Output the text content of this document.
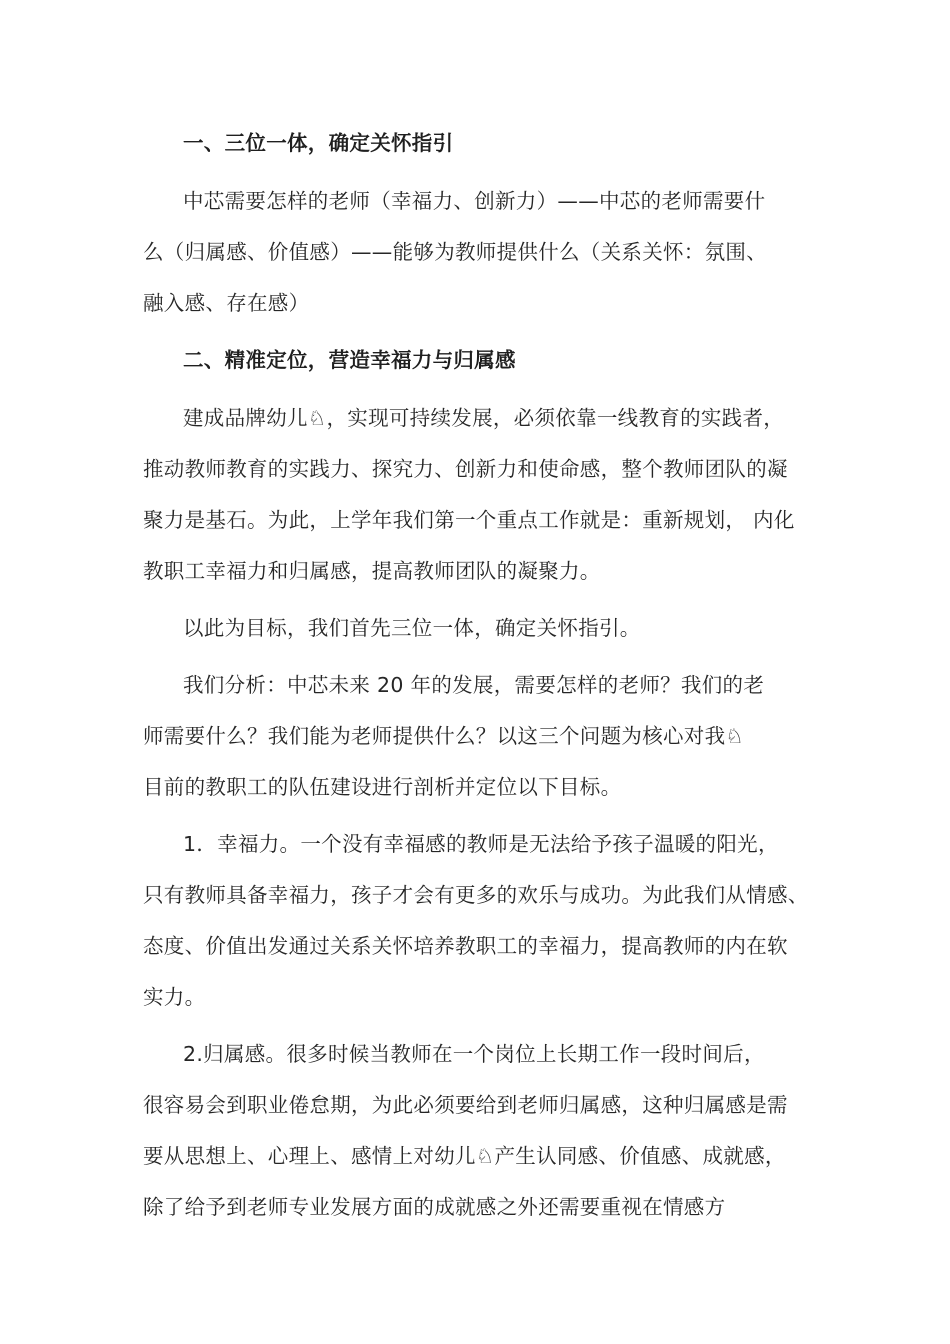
一、三位一体，确定关怀指引

中芯需要怎样的老师（幸福力、创新力）——中芯的老师需要什
么（归属感、价值感）——能够为教师提供什么（关系关怀：氛围、
融入感、存在感）

二、精准定位，营造幸福力与归属感

建成品牌幼儿♘，实现可持续发展，必须依靠一线教育的实践者，
推动教师教育的实践力、探究力、创新力和使命感，整个教师团队的凝
聚力是基石。为此，上学年我们第一个重点工作就是：重新规划， 内化
教职工幸福力和归属感，提高教师团队的凝聚力。

以此为目标，我们首先三位一体，确定关怀指引。

我们分析：中芯未来 20 年的发展，需要怎样的老师？我们的老
师需要什么？我们能为老师提供什么？以这三个问题为核心对我♘
目前的教职工的队伍建设进行剖析并定位以下目标。

1．幸福力。一个没有幸福感的教师是无法给予孩子温暖的阳光，
只有教师具备幸福力，孩子才会有更多的欢乐与成功。为此我们从情感、
态度、价值出发通过关系关怀培养教职工的幸福力，提高教师的内在软
实力。

2.归属感。很多时候当教师在一个岗位上长期工作一段时间后，
很容易会到职业倦怠期，为此必须要给到老师归属感，这种归属感是需
要从思想上、心理上、感情上对幼儿♘产生认同感、价值感、成就感，
除了给予到老师专业发展方面的成就感之外还需要重视在情感方
